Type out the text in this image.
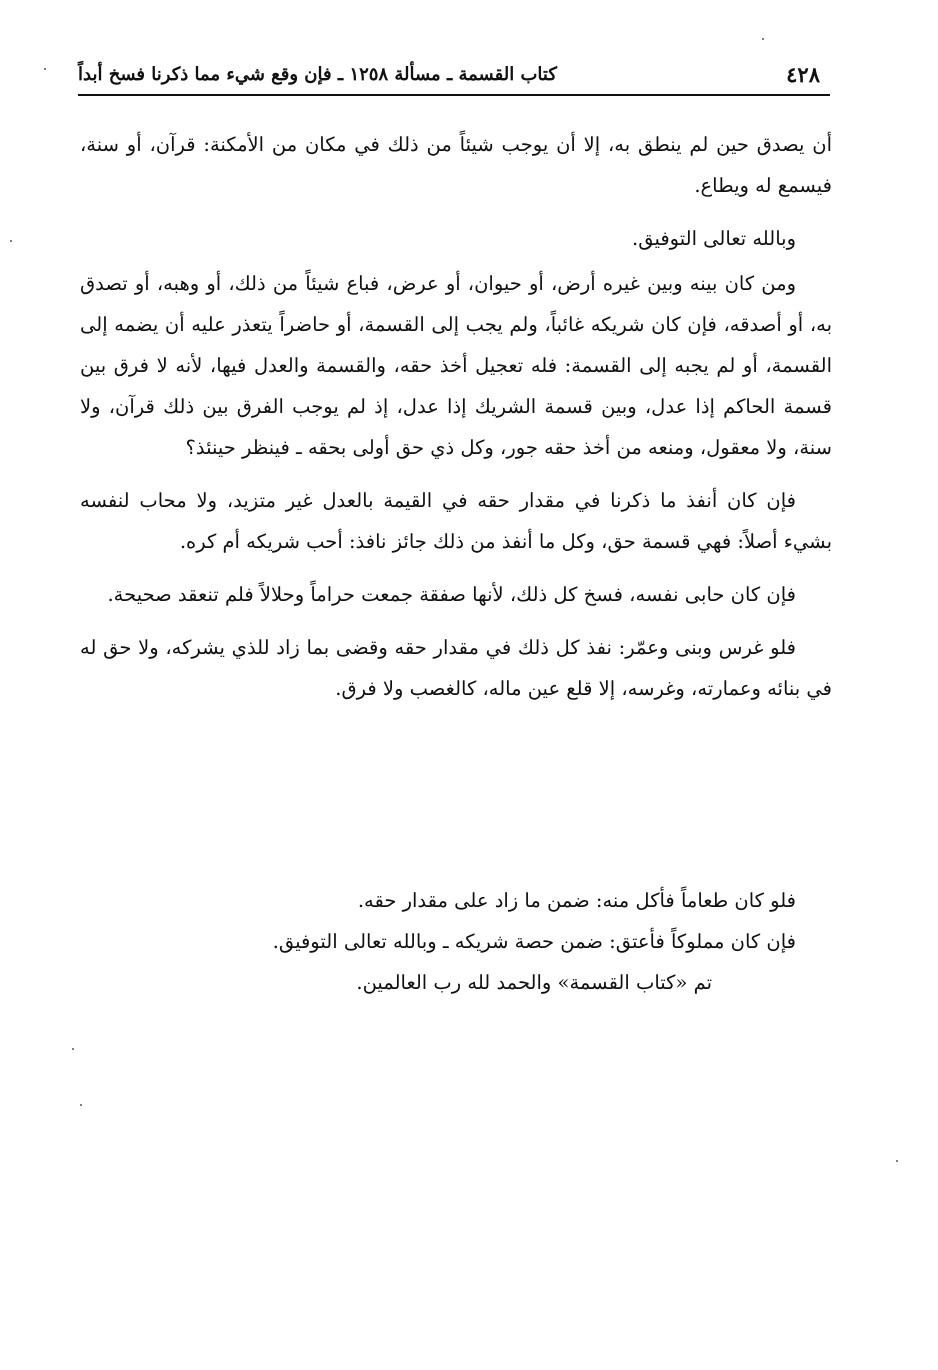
٤٢٨
كتاب القسمة ـ مسألة ١٢٥٨ ـ فإن وقع شيء مما ذكرنا فسخ أبداً

أن يصدق حين لم ينطق به، إلا أن يوجب شيئاً من ذلك في مكان من الأمكنة: قرآن، أو سنة، فيسمع له ويطاع.

وبالله تعالى التوفيق.

ومن كان بينه وبين غيره أرض، أو حيوان، أو عرض، فباع شيئاً من ذلك، أو وهبه، أو تصدق به، أو أصدقه، فإن كان شريكه غائباً، ولم يجب إلى القسمة، أو حاضراً يتعذر عليه أن يضمه إلى القسمة، أو لم يجبه إلى القسمة: فله تعجيل أخذ حقه، والقسمة والعدل فيها، لأنه لا فرق بين قسمة الحاكم إذا عدل، وبين قسمة الشريك إذا عدل، إذ لم يوجب الفرق بين ذلك قرآن، ولا سنة، ولا معقول، ومنعه من أخذ حقه جور، وكل ذي حق أولى بحقه ـ فينظر حينئذ؟

فإن كان أنفذ ما ذكرنا في مقدار حقه في القيمة بالعدل غير متزيد، ولا محاب لنفسه بشيء أصلاً: فهي قسمة حق، وكل ما أنفذ من ذلك جائز نافذ: أحب شريكه أم كره.

فإن كان حابى نفسه، فسخ كل ذلك، لأنها صفقة جمعت حراماً وحلالاً فلم تنعقد صحيحة.

فلو غرس وبنى وعمّر: نفذ كل ذلك في مقدار حقه وقضى بما زاد للذي يشركه، ولا حق له في بنائه وعمارته، وغرسه، إلا قلع عين ماله، كالغصب ولا فرق.

فلو كان طعاماً فأكل منه: ضمن ما زاد على مقدار حقه.

فإن كان مملوكاً فأعتق: ضمن حصة شريكه ـ وبالله تعالى التوفيق.

تم «كتاب القسمة» والحمد لله رب العالمين.
